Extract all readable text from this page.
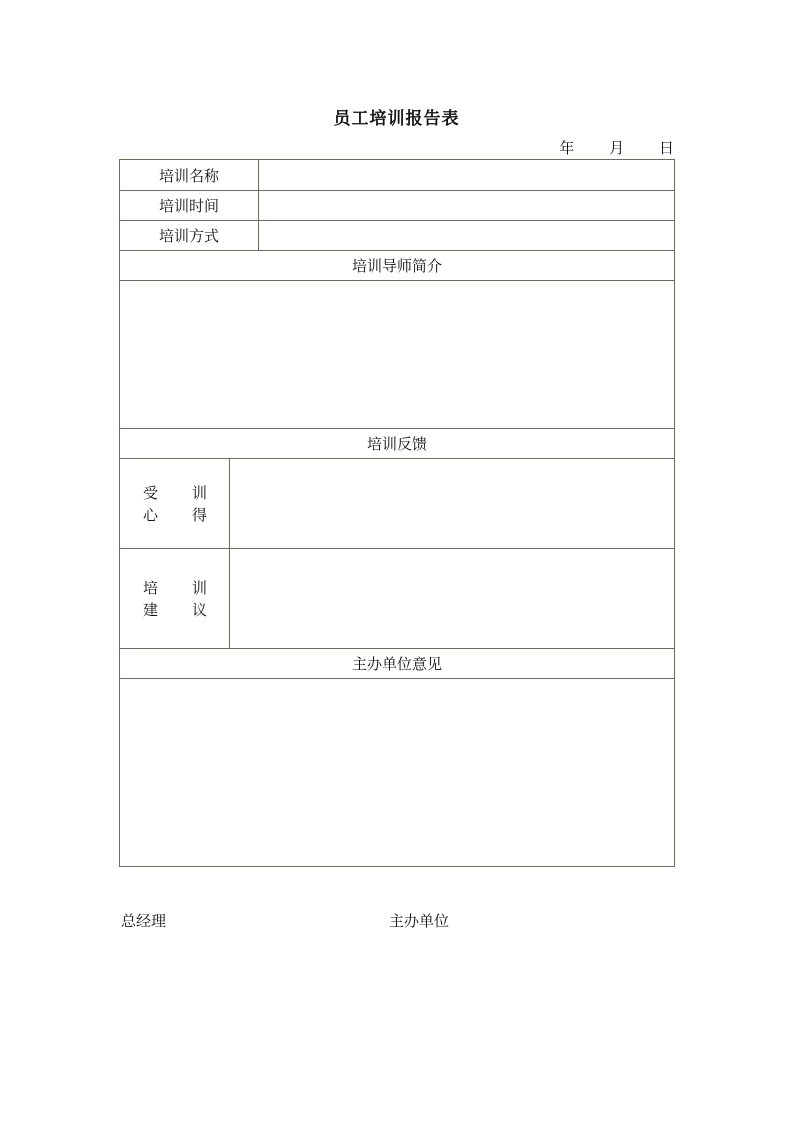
员工培训报告表
年 月 日
培训名称
培训时间
培训方式
培训导师简介
培训反馈
受 训
心 得
培 训
建 议
主办单位意见
总经理	主办单位
